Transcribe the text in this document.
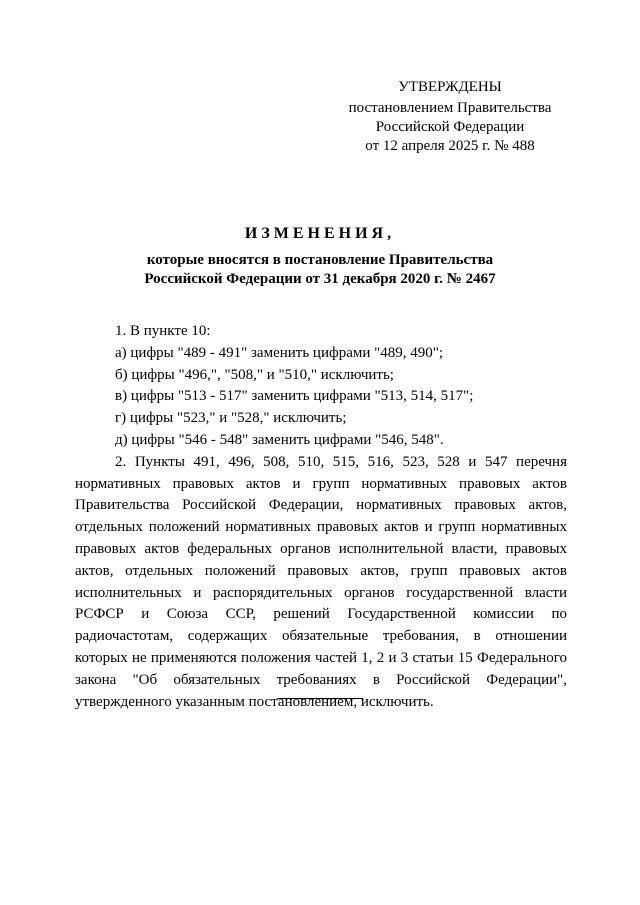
УТВЕРЖДЕНЫ
постановлением Правительства
Российской Федерации
от 12 апреля 2025 г. № 488
ИЗМЕНЕНИЯ,
которые вносятся в постановление Правительства
Российской Федерации от 31 декабря 2020 г. № 2467

1. В пункте 10:

а) цифры "489 - 491" заменить цифрами "489, 490";

б) цифры "496,", "508," и "510," исключить;

в) цифры "513 - 517" заменить цифрами "513, 514, 517";

г) цифры "523," и "528," исключить;

д) цифры "546 - 548" заменить цифрами "546, 548".

2. Пункты 491, 496, 508, 510, 515, 516, 523, 528 и 547 перечня нормативных правовых актов и групп нормативных правовых актов Правительства Российской Федерации, нормативных правовых актов, отдельных положений нормативных правовых актов и групп нормативных правовых актов федеральных органов исполнительной власти, правовых актов, отдельных положений правовых актов, групп правовых актов исполнительных и распорядительных органов государственной власти РСФСР и Союза ССР, решений Государственной комиссии по радиочастотам, содержащих обязательные требования, в отношении которых не применяются положения частей 1, 2 и 3 статьи 15 Федерального закона "Об обязательных требованиях в Российской Федерации", утвержденного указанным постановлением, исключить.
